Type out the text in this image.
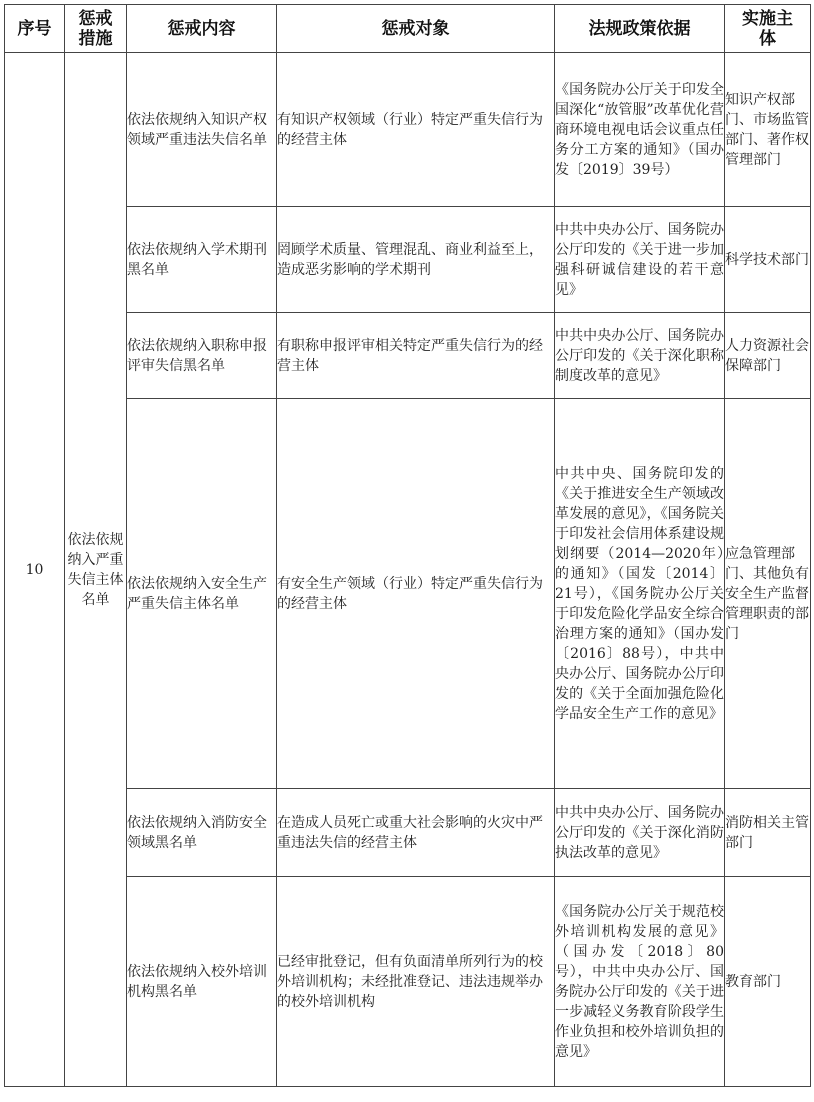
序号	惩戒措施	惩戒内容	惩戒对象	法规政策依据	实施主体
10	依法依规纳入严重失信主体名单	依法依规纳入知识产权领域严重违法失信名单	有知识产权领域（行业）特定严重失信行为的经营主体	《国务院办公厅关于印发全国深化“放管服”改革优化营商环境电视电话会议重点任务分工方案的通知》（国办发〔2019〕39号）	知识产权部门、市场监管部门、著作权管理部门
		依法依规纳入学术期刊黑名单	罔顾学术质量、管理混乱、商业利益至上，造成恶劣影响的学术期刊	中共中央办公厅、国务院办公厅印发的《关于进一步加强科研诚信建设的若干意见》	科学技术部门
		依法依规纳入职称申报评审失信黑名单	有职称申报评审相关特定严重失信行为的经营主体	中共中央办公厅、国务院办公厅印发的《关于深化职称制度改革的意见》	人力资源社会保障部门
		依法依规纳入安全生产严重失信主体名单	有安全生产领域（行业）特定严重失信行为的经营主体	中共中央、国务院印发的《关于推进安全生产领域改革发展的意见》，《国务院关于印发社会信用体系建设规划纲要（2014—2020年）的通知》（国发〔2014〕21号），《国务院办公厅关于印发危险化学品安全综合治理方案的通知》（国办发〔2016〕88号），中共中央办公厅、国务院办公厅印发的《关于全面加强危险化学品安全生产工作的意见》	应急管理部门、其他负有安全生产监督管理职责的部门
		依法依规纳入消防安全领域黑名单	在造成人员死亡或重大社会影响的火灾中严重违法失信的经营主体	中共中央办公厅、国务院办公厅印发的《关于深化消防执法改革的意见》	消防相关主管部门
		依法依规纳入校外培训机构黑名单	已经审批登记，但有负面清单所列行为的校外培训机构；未经批准登记、违法违规举办的校外培训机构	《国务院办公厅关于规范校外培训机构发展的意见》（国办发〔2018〕80号），中共中央办公厅、国务院办公厅印发的《关于进一步减轻义务教育阶段学生作业负担和校外培训负担的意见》	教育部门
